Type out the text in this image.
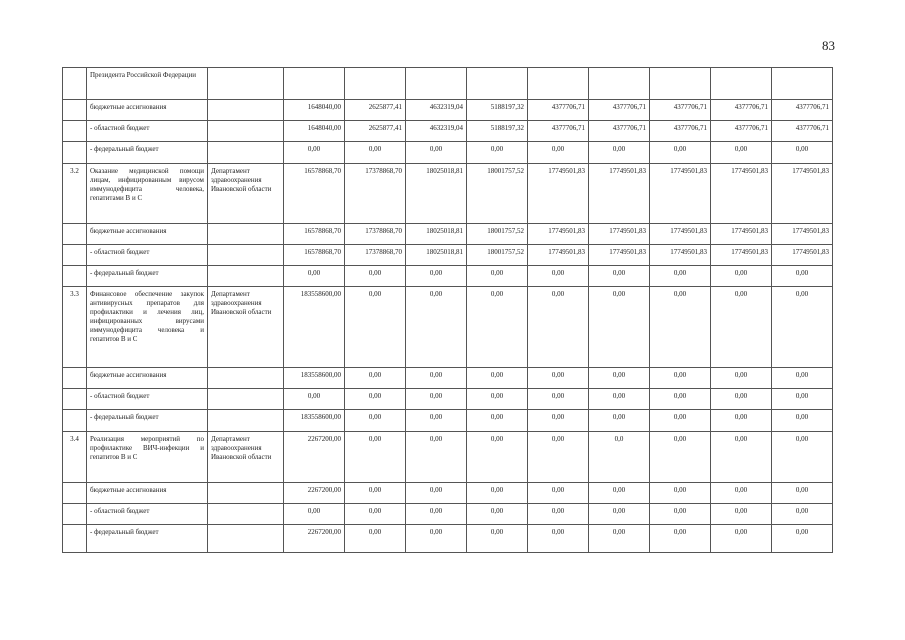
83
	Президента Российской Федерации										
	бюджетные ассигнования		1648040,00	2625877,41	4632319,04	5188197,32	4377706,71	4377706,71	4377706,71	4377706,71	4377706,71
	- областной бюджет		1648040,00	2625877,41	4632319,04	5188197,32	4377706,71	4377706,71	4377706,71	4377706,71	4377706,71
	- федеральный бюджет		0,00	0,00	0,00	0,00	0,00	0,00	0,00	0,00	0,00
3.2	Оказание медицинской помощи лицам, инфицированным вирусом иммунодефицита человека, гепатитами B и C	Департамент здравоохранения Ивановской области	16578868,70	17378868,70	18025018,81	18001757,52	17749501,83	17749501,83	17749501,83	17749501,83	17749501,83
	бюджетные ассигнования		16578868,70	17378868,70	18025018,81	18001757,52	17749501,83	17749501,83	17749501,83	17749501,83	17749501,83
	- областной бюджет		16578868,70	17378868,70	18025018,81	18001757,52	17749501,83	17749501,83	17749501,83	17749501,83	17749501,83
	- федеральный бюджет		0,00	0,00	0,00	0,00	0,00	0,00	0,00	0,00	0,00
3.3	Финансовое обеспечение закупок антивирусных препаратов для профилактики и лечения лиц, инфицированных вирусами иммунодефицита человека и гепатитов B и C	Департамент здравоохранения Ивановской области	183558600,00	0,00	0,00	0,00	0,00	0,00	0,00	0,00	0,00
	бюджетные ассигнования		183558600,00	0,00	0,00	0,00	0,00	0,00	0,00	0,00	0,00
	- областной бюджет		0,00	0,00	0,00	0,00	0,00	0,00	0,00	0,00	0,00
	- федеральный бюджет		183558600,00	0,00	0,00	0,00	0,00	0,00	0,00	0,00	0,00
3.4	Реализация мероприятий по профилактике ВИЧ-инфекции и гепатитов B и C	Департамент здравоохранения Ивановской области	2267200,00	0,00	0,00	0,00	0,00	0,0	0,00	0,00	0,00
	бюджетные ассигнования		2267200,00	0,00	0,00	0,00	0,00	0,00	0,00	0,00	0,00
	- областной бюджет		0,00	0,00	0,00	0,00	0,00	0,00	0,00	0,00	0,00
	- федеральный бюджет		2267200,00	0,00	0,00	0,00	0,00	0,00	0,00	0,00	0,00
